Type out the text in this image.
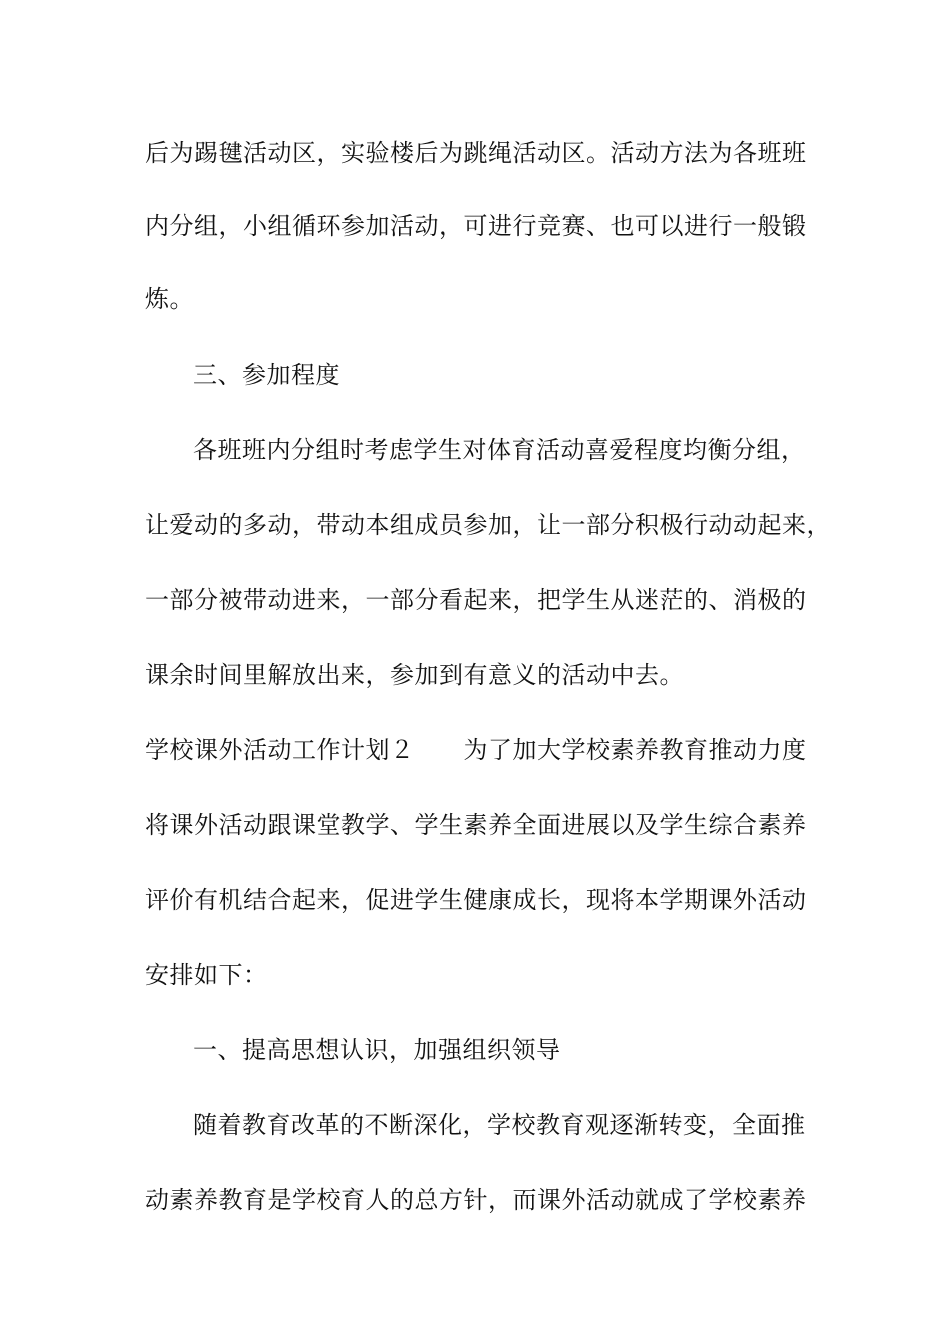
后为踢毽活动区，实验楼后为跳绳活动区。活动方法为各班班
内分组，小组循环参加活动，可进行竞赛、也可以进行一般锻
炼。
三、参加程度
各班班内分组时考虑学生对体育活动喜爱程度均衡分组，
让爱动的多动，带动本组成员参加，让一部分积极行动动起来，
一部分被带动进来，一部分看起来，把学生从迷茫的、消极的
课余时间里解放出来，参加到有意义的活动中去。
学校课外活动工作计划２　　为了加大学校素养教育推动力度
将课外活动跟课堂教学、学生素养全面进展以及学生综合素养
评价有机结合起来，促进学生健康成长，现将本学期课外活动
安排如下：
一、提高思想认识，加强组织领导
随着教育改革的不断深化，学校教育观逐渐转变，全面推
动素养教育是学校育人的总方针，而课外活动就成了学校素养
